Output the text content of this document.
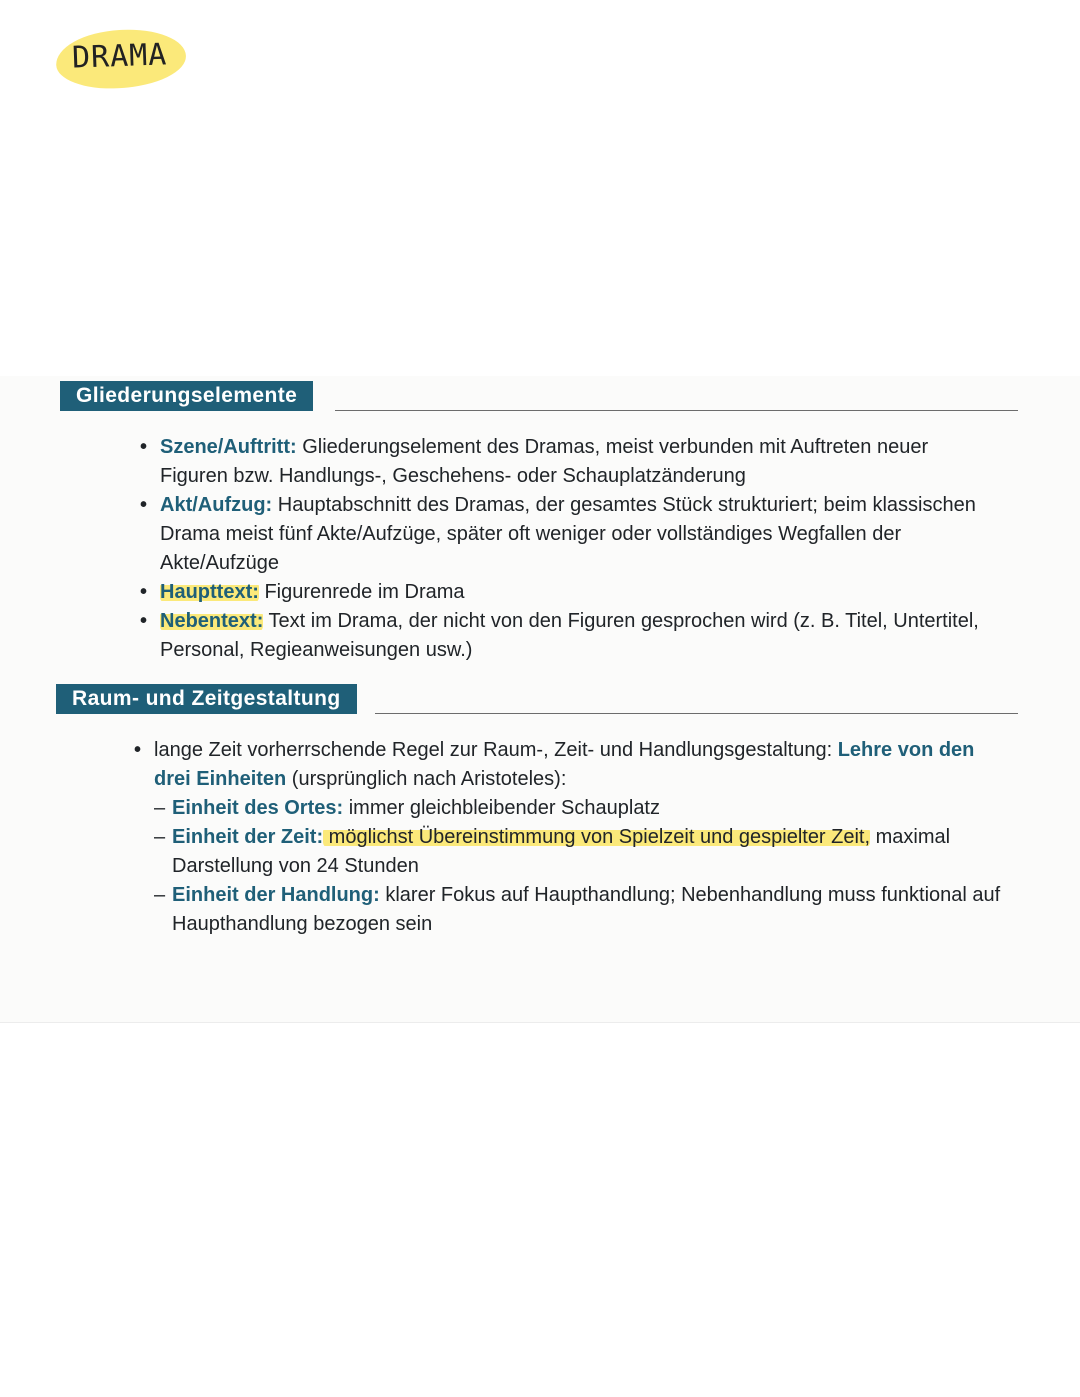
DRAMA
Gliederungselemente
• Szene/Auftritt: Gliederungselement des Dramas, meist verbunden mit Auftreten neuer Figuren bzw. Handlungs-, Geschehens- oder Schauplatzänderung
• Akt/Aufzug: Hauptabschnitt des Dramas, der gesamtes Stück strukturiert; beim klassischen Drama meist fünf Akte/Aufzüge, später oft weniger oder vollständiges Wegfallen der Akte/Aufzüge
• Haupttext: Figurenrede im Drama
• Nebentext: Text im Drama, der nicht von den Figuren gesprochen wird (z. B. Titel, Untertitel, Personal, Regieanweisungen usw.)
Raum- und Zeitgestaltung
• lange Zeit vorherrschende Regel zur Raum-, Zeit- und Handlungsgestaltung: Lehre von den drei Einheiten (ursprünglich nach Aristoteles):
– Einheit des Ortes: immer gleichbleibender Schauplatz
– Einheit der Zeit: möglichst Übereinstimmung von Spielzeit und gespielter Zeit, maximal Darstellung von 24 Stunden
– Einheit der Handlung: klarer Fokus auf Haupthandlung; Nebenhandlung muss funktional auf Haupthandlung bezogen sein
